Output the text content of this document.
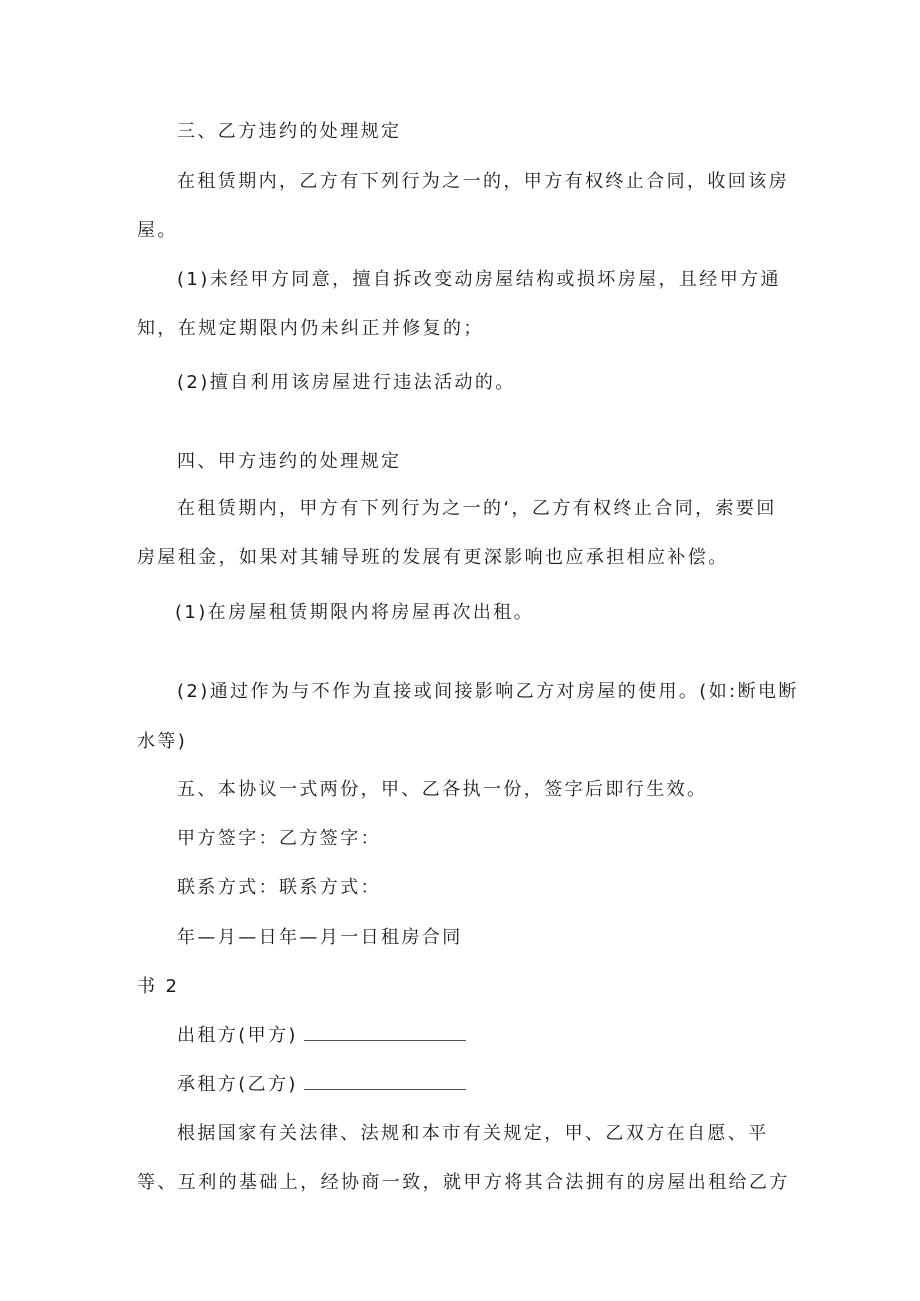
三、乙方违约的处理规定
在租赁期内，乙方有下列行为之一的，甲方有权终止合同，收回该房
屋。
(1)未经甲方同意，擅自拆改变动房屋结构或损坏房屋，且经甲方通
知，在规定期限内仍未纠正并修复的；
(2)擅自利用该房屋进行违法活动的。
四、甲方违约的处理规定
在租赁期内，甲方有下列行为之一的‘，乙方有权终止合同，索要回
房屋租金，如果对其辅导班的发展有更深影响也应承担相应补偿。
(1)在房屋租赁期限内将房屋再次出租。
(2)通过作为与不作为直接或间接影响乙方对房屋的使用。(如:断电断
水等)
五、本协议一式两份，甲、乙各执一份，签字后即行生效。
甲方签字：乙方签字：
联系方式：联系方式：
年—月—日年—月一日租房合同
书 2
出租方(甲方)
承租方(乙方)
根据国家有关法律、法规和本市有关规定，甲、乙双方在自愿、平
等、互利的基础上，经协商一致，就甲方将其合法拥有的房屋出租给乙方
